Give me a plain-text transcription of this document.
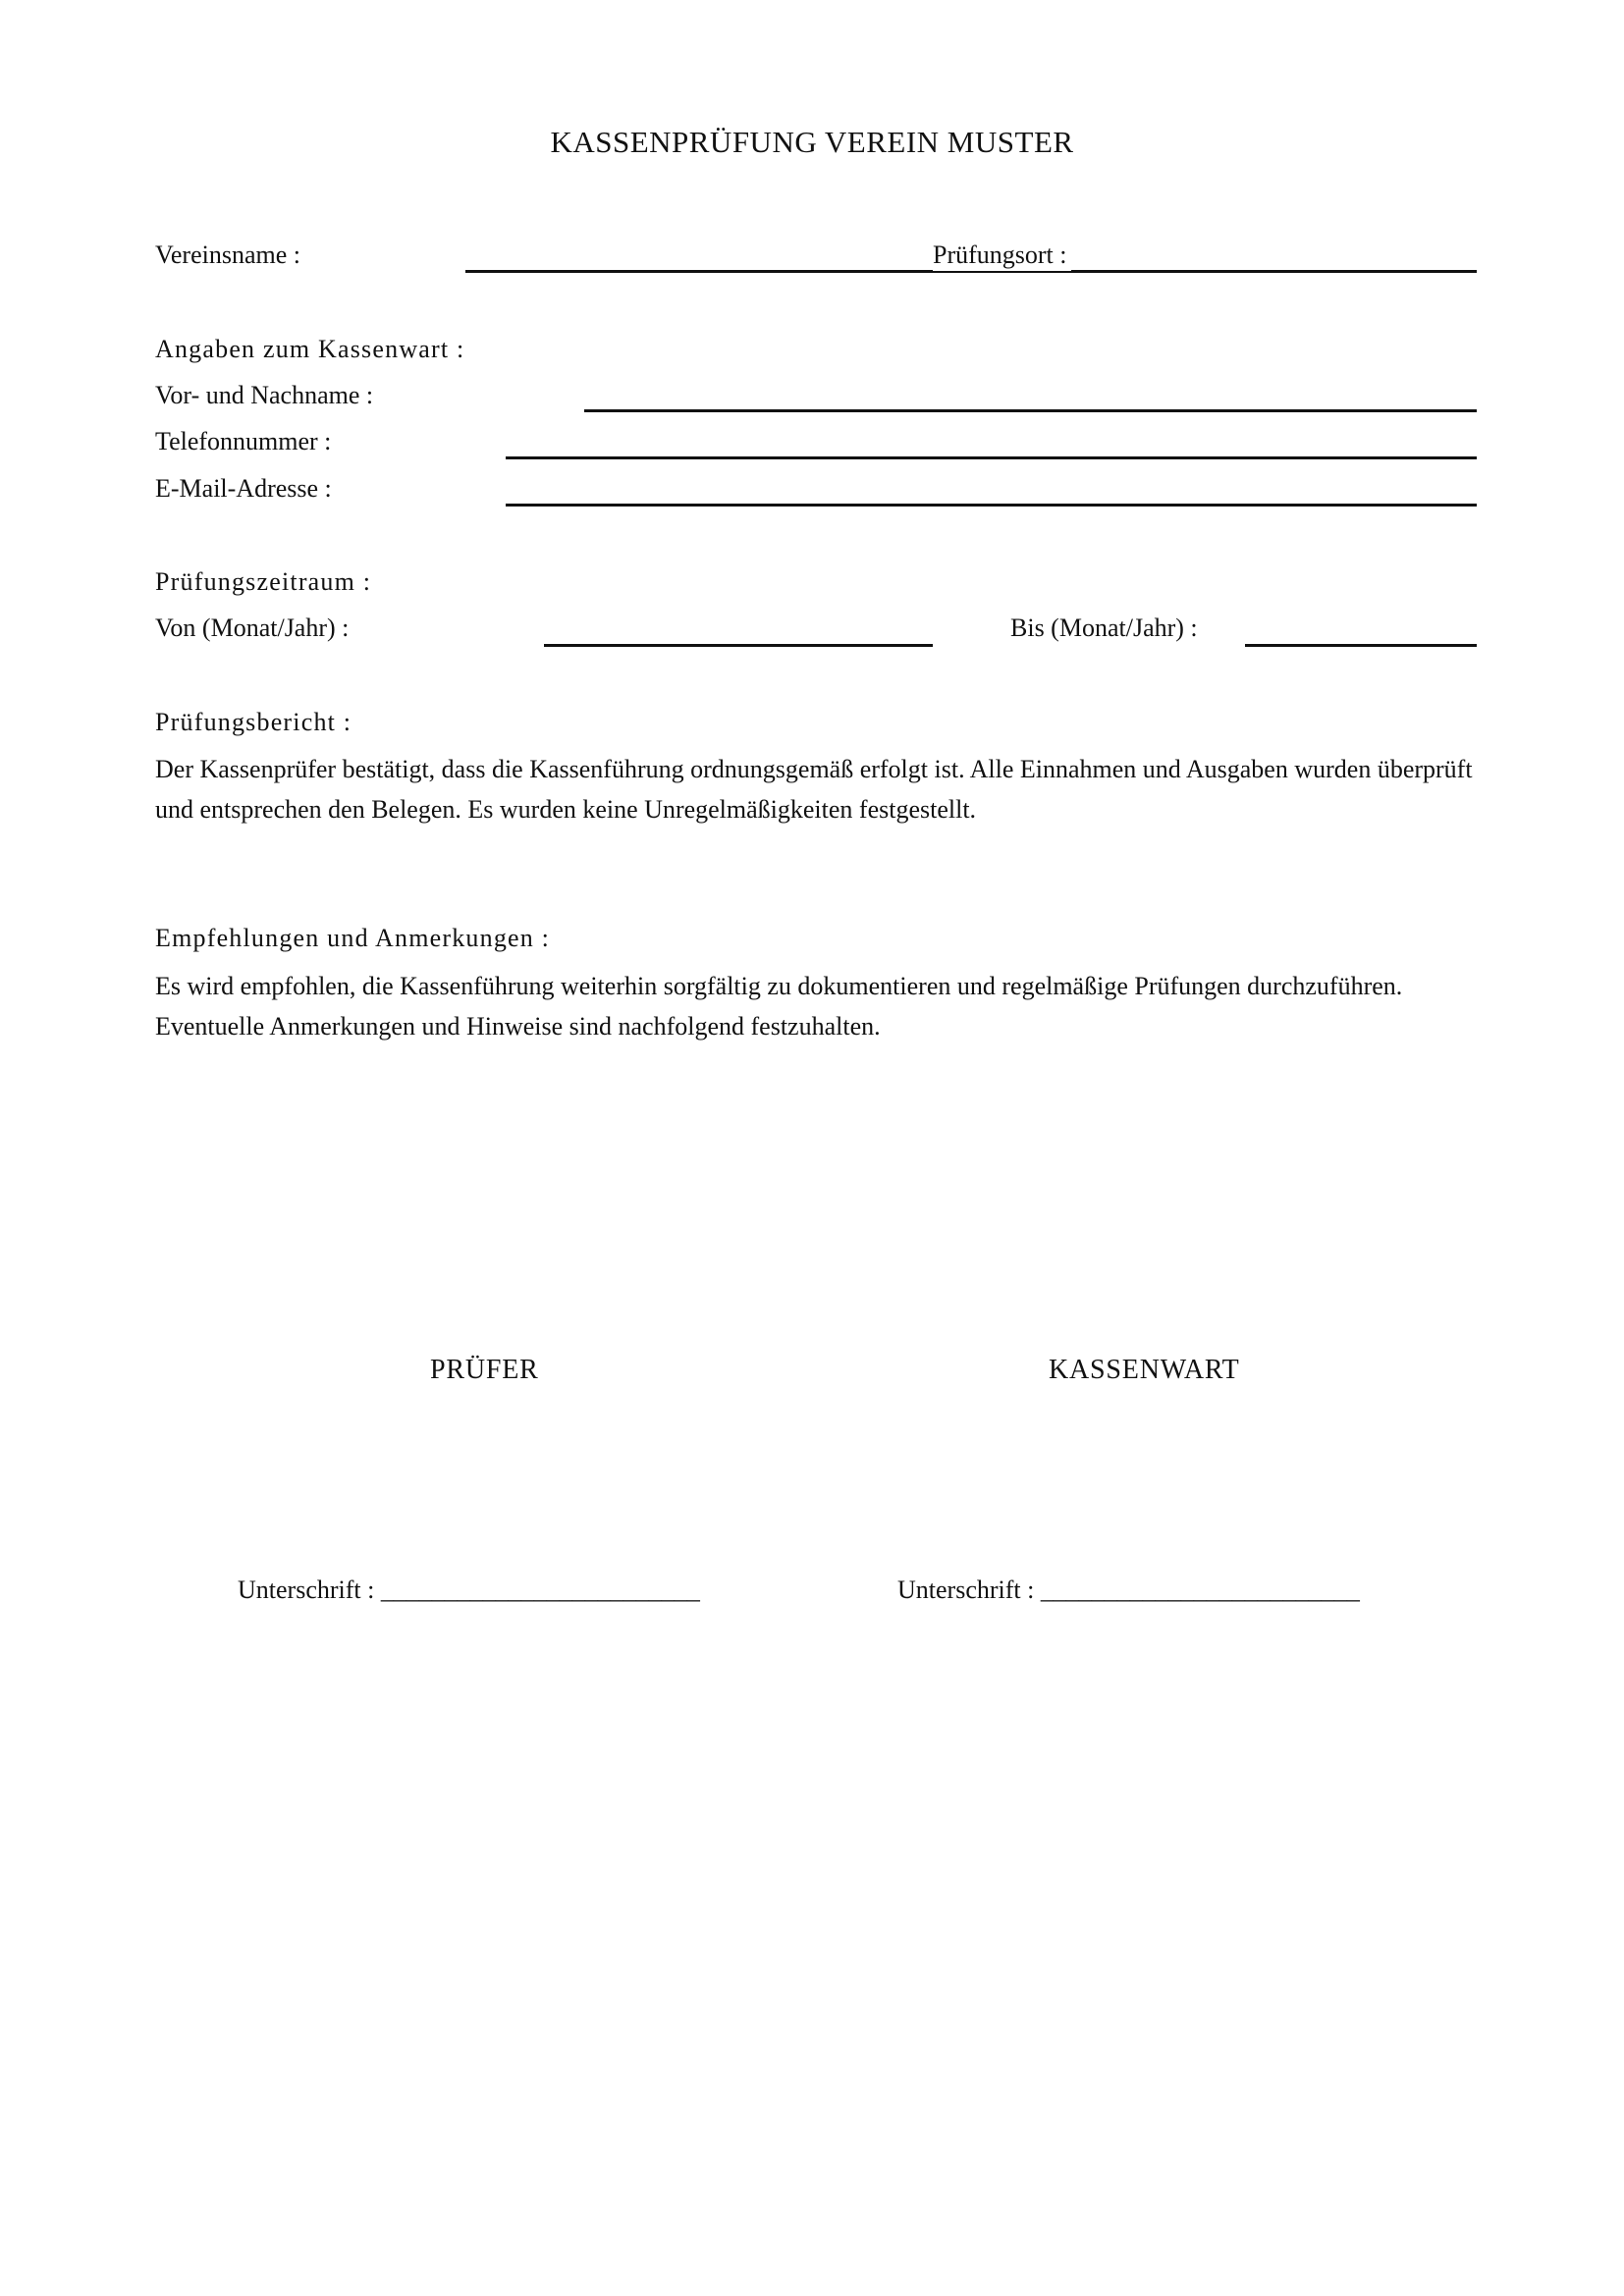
KASSENPRÜFUNG VEREIN MUSTER
Vereinsname :	Prüfungsort :
Angaben zum Kassenwart :
Vor- und Nachname :
Telefonnummer :
E-Mail-Adresse :
Prüfungszeitraum :
Von (Monat/Jahr) :	Bis (Monat/Jahr) :
Prüfungsbericht :
Der Kassenprüfer bestätigt, dass die Kassenführung ordnungsgemäß erfolgt ist. Alle Einnahmen und Ausgaben wurden überprüft und entsprechen den Belegen. Es wurden keine Unregelmäßigkeiten festgestellt.
Empfehlungen und Anmerkungen :
Es wird empfohlen, die Kassenführung weiterhin sorgfältig zu dokumentieren und regelmäßige Prüfungen durchzuführen. Eventuelle Anmerkungen und Hinweise sind nachfolgend festzuhalten.
PRÜFER	KASSENWART
Unterschrift : _________________________	Unterschrift : _________________________
